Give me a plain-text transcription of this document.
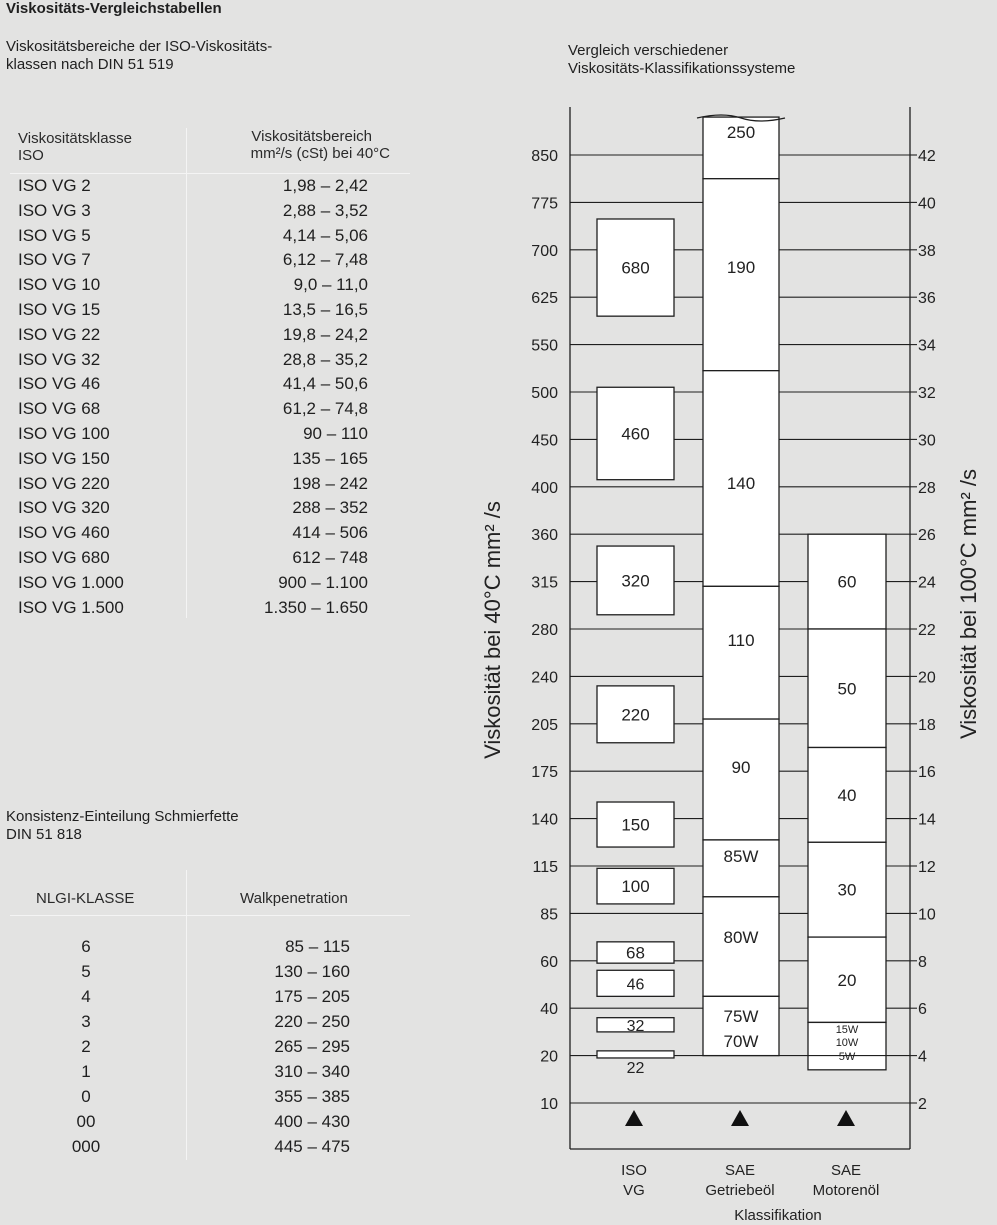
Viskositäts-Vergleichstabellen
Viskositätsbereiche der ISO-Viskositäts-
klassen nach DIN 51 519
Viskositätsklasse
ISO
Viskositätsbereich
mm²/s (cSt) bei 40°C
ISO VG 2	1,98 – 2,42
ISO VG 3	2,88 – 3,52
ISO VG 5	4,14 – 5,06
ISO VG 7	6,12 – 7,48
ISO VG 10	9,0 – 11,0
ISO VG 15	13,5 – 16,5
ISO VG 22	19,8 – 24,2
ISO VG 32	28,8 – 35,2
ISO VG 46	41,4 – 50,6
ISO VG 68	61,2 – 74,8
ISO VG 100	90 – 110
ISO VG 150	135 – 165
ISO VG 220	198 – 242
ISO VG 320	288 – 352
ISO VG 460	414 – 506
ISO VG 680	612 – 748
ISO VG 1.000	900 – 1.100
ISO VG 1.500	1.350 – 1.650
Konsistenz-Einteilung Schmierfette
DIN 51 818
NLGI-KLASSE	Walkpenetration
6	85 – 115
5	130 – 160
4	175 – 205
3	220 – 250
2	265 – 295
1	310 – 340
0	355 – 385
00	400 – 430
000	445 – 475
Vergleich verschiedener
Viskositäts-Klassifikationssysteme
850
775
700
625
550
500
450
400
360
315
280
240
205
175
140
115
85
60
40
20
10
42
40
38
36
34
32
30
28
26
24
22
20
18
16
14
12
10
8
6
4
2
680
460
320
220
150
100
68
46
32
22
250
190
140
110
90
85W
80W
75W
70W
60
50
40
30
20
15W
10W
5W
Viskosität bei 40°C mm² /s	Viskosität bei 100°C mm² /s
ISO
VG
SAE
Getriebeöl
SAE
Motorenöl
Klassifikation
